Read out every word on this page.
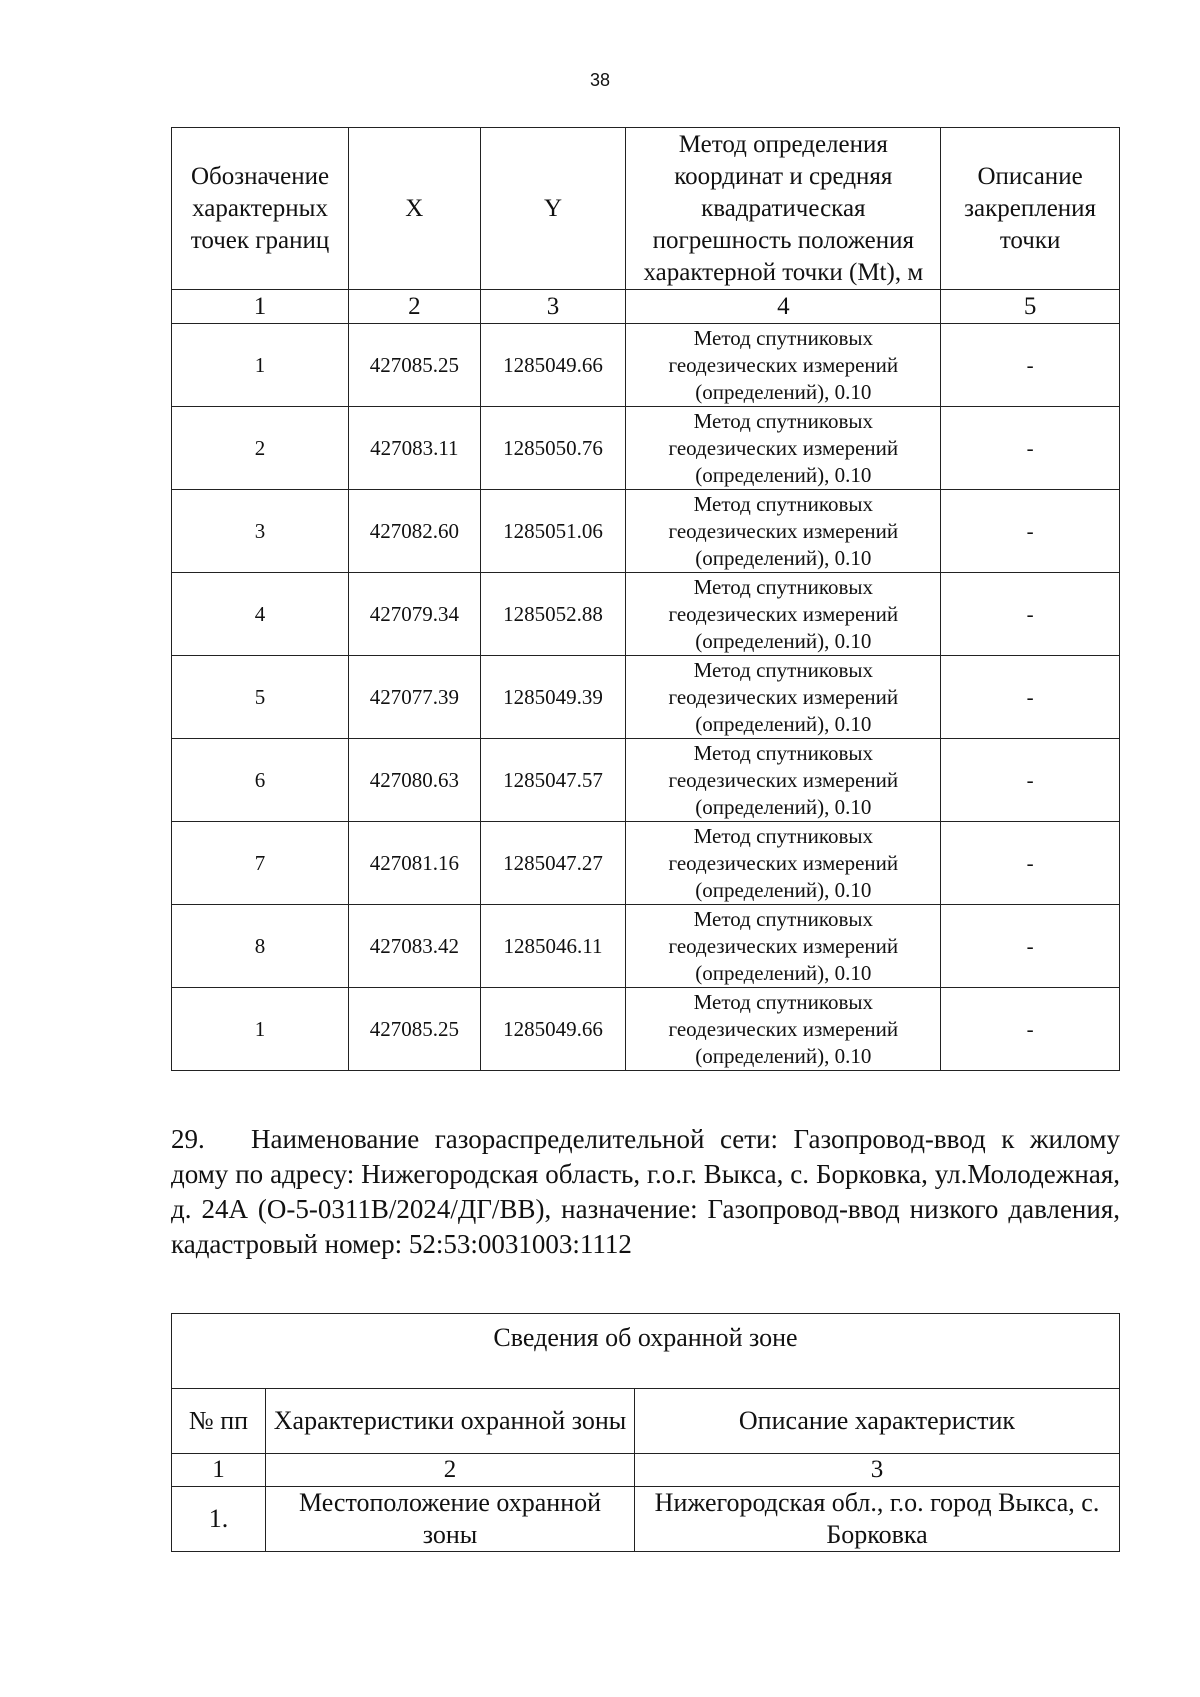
38
Обозначение характерных точек границ	X	Y	Метод определения координат и средняя квадратическая погрешность положения характерной точки (Mt), м	Описание закрепления точки
1	2	3	4	5
1	427085.25	1285049.66	Метод спутниковых геодезических измерений (определений), 0.10	-
2	427083.11	1285050.76	Метод спутниковых геодезических измерений (определений), 0.10	-
3	427082.60	1285051.06	Метод спутниковых геодезических измерений (определений), 0.10	-
4	427079.34	1285052.88	Метод спутниковых геодезических измерений (определений), 0.10	-
5	427077.39	1285049.39	Метод спутниковых геодезических измерений (определений), 0.10	-
6	427080.63	1285047.57	Метод спутниковых геодезических измерений (определений), 0.10	-
7	427081.16	1285047.27	Метод спутниковых геодезических измерений (определений), 0.10	-
8	427083.42	1285046.11	Метод спутниковых геодезических измерений (определений), 0.10	-
1	427085.25	1285049.66	Метод спутниковых геодезических измерений (определений), 0.10	-
29. Наименование газораспределительной сети: Газопровод-ввод к жилому дому по адресу: Нижегородская область, г.о.г. Выкса, с. Борковка, ул.Молодежная, д. 24А (О-5-0311В/2024/ДГ/ВВ), назначение: Газопровод-ввод низкого давления, кадастровый номер: 52:53:0031003:1112
Сведения об охранной зоне		
№ пп	Характеристики охранной зоны	Описание характеристик
1	2	3
1.	Местоположение охранной зоны	Нижегородская обл., г.о. город Выкса, с. Борковка
